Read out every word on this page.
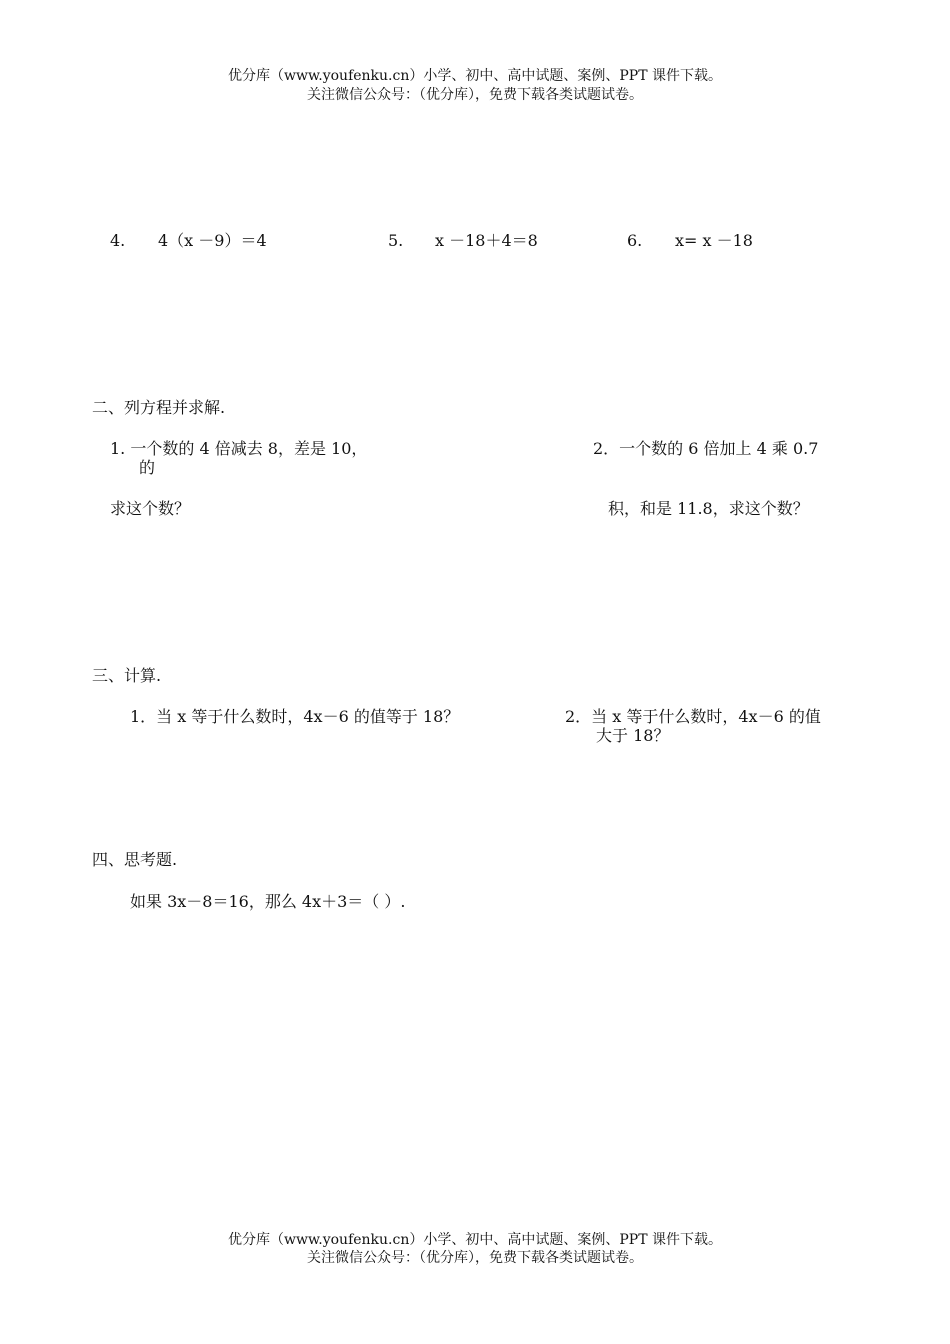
优分库（www.youfenku.cn）小学、初中、高中试题、案例、PPT 课件下载。
关注微信公众号：（优分库），免费下载各类试题试卷。
4. 4（x －9）＝4	5. x －18＋4＝8	6. x= x －18
二、列方程并求解.
1. 一个数的 4 倍减去 8，差是 10，
的
求这个数？
2．一个数的 6 倍加上 4 乘 0.7
积，和是 11.8，求这个数？
三、计算.
1．当 x 等于什么数时，4x－6 的值等于 18？	2．当 x 等于什么数时，4x－6 的值
大于 18？
四、思考题.
如果 3x－8＝16，那么 4x＋3＝（ ）.
优分库（www.youfenku.cn）小学、初中、高中试题、案例、PPT 课件下载。
关注微信公众号：（优分库），免费下载各类试题试卷。
